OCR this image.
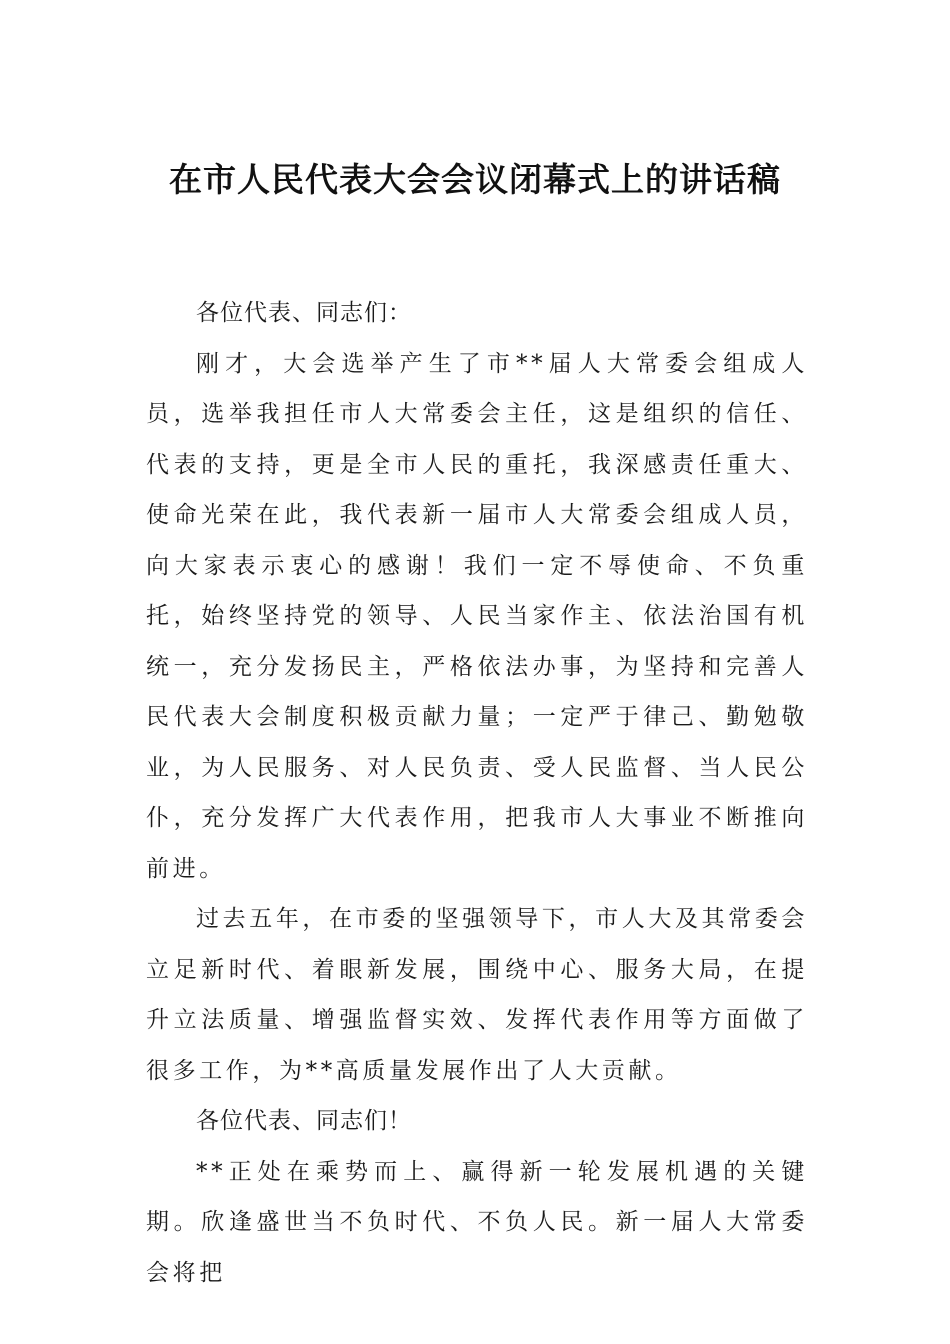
在市人民代表大会会议闭幕式上的讲话稿

各位代表、同志们：

刚才，大会选举产生了市**届人大常委会组成人员，选举我担任市人大常委会主任，这是组织的信任、代表的支持，更是全市人民的重托，我深感责任重大、使命光荣在此，我代表新一届市人大常委会组成人员，向大家表示衷心的感谢！我们一定不辱使命、不负重托，始终坚持党的领导、人民当家作主、依法治国有机统一，充分发扬民主，严格依法办事，为坚持和完善人民代表大会制度积极贡献力量；一定严于律己、勤勉敬业，为人民服务、对人民负责、受人民监督、当人民公仆，充分发挥广大代表作用，把我市人大事业不断推向前进。

过去五年，在市委的坚强领导下，市人大及其常委会立足新时代、着眼新发展，围绕中心、服务大局，在提升立法质量、增强监督实效、发挥代表作用等方面做了很多工作，为**高质量发展作出了人大贡献。

各位代表、同志们！

**正处在乘势而上、赢得新一轮发展机遇的关键期。欣逢盛世当不负时代、不负人民。新一届人大常委会将把
